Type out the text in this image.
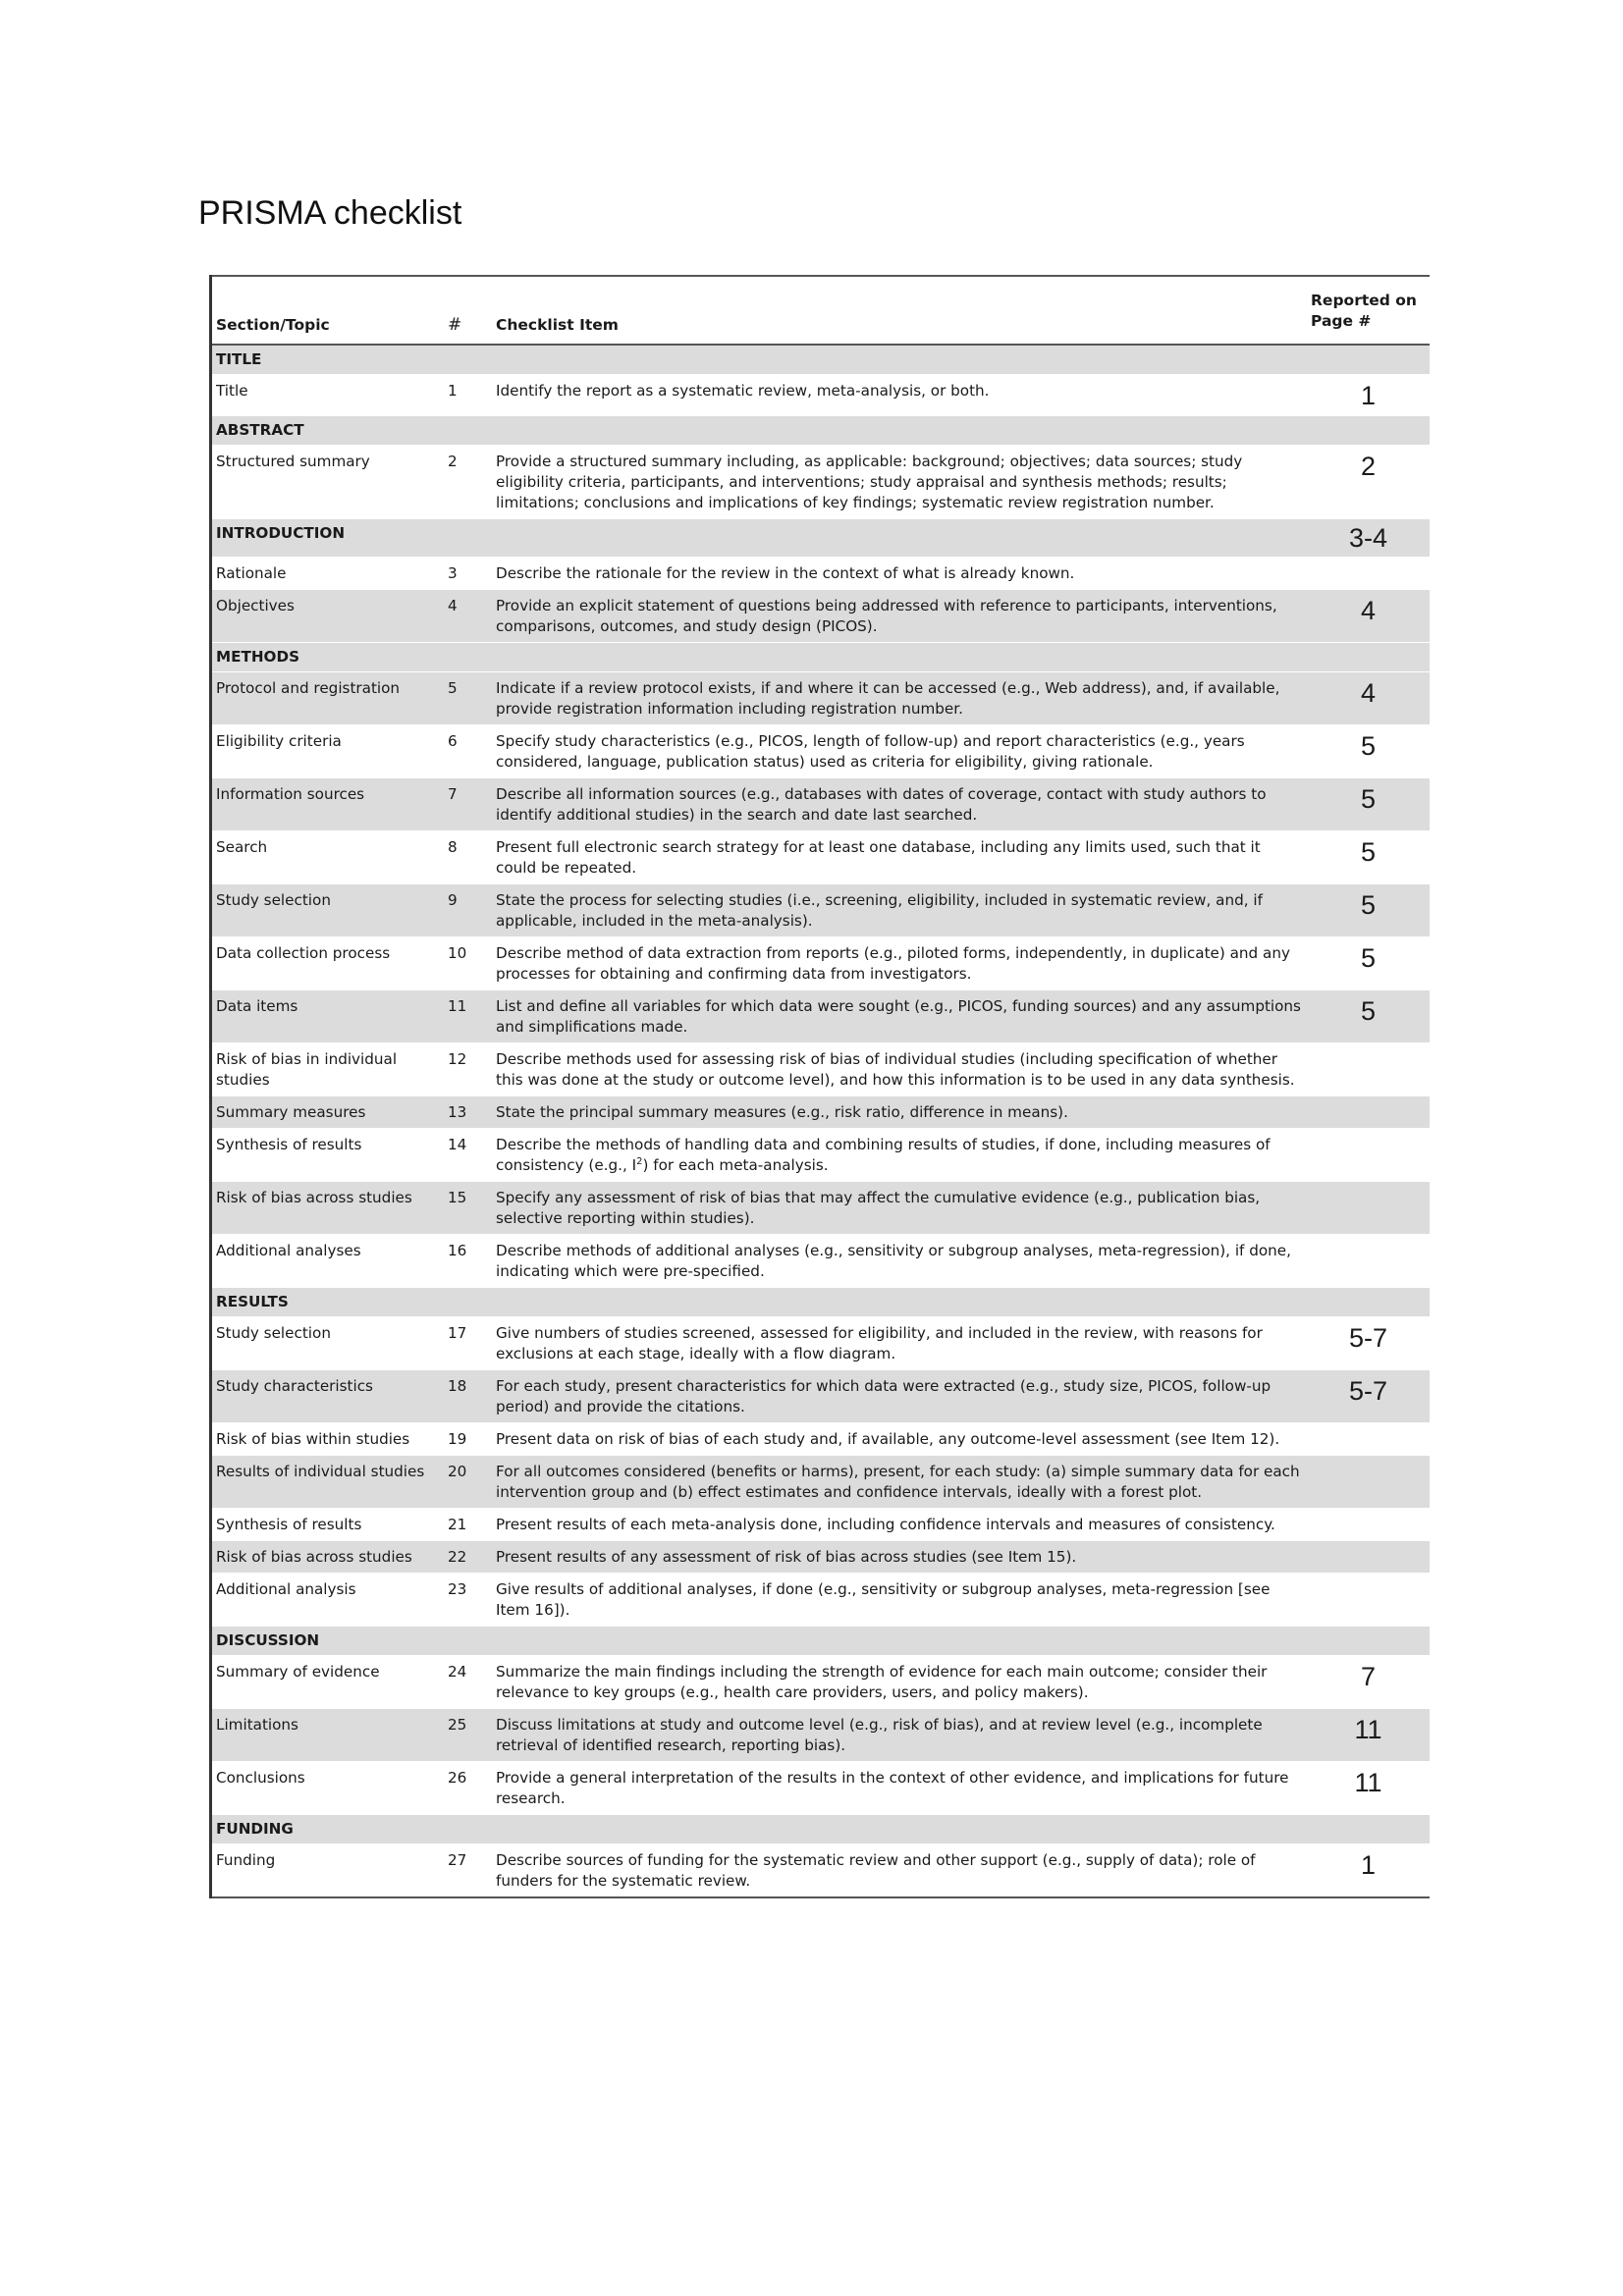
PRISMA checklist
Section/Topic	#	Checklist Item	Reported on
Page #

TITLE			
Title	1	Identify the report as a systematic review, meta-analysis, or both.	1
ABSTRACT			
Structured summary	2	Provide a structured summary including, as applicable: background; objectives; data sources; study eligibility criteria, participants, and interventions; study appraisal and synthesis methods; results; limitations; conclusions and implications of key findings; systematic review registration number.	2
INTRODUCTION			3-4
Rationale	3	Describe the rationale for the review in the context of what is already known.	
Objectives	4	Provide an explicit statement of questions being addressed with reference to participants, interventions, comparisons, outcomes, and study design (PICOS).	4
METHODS			
Protocol and registration	5	Indicate if a review protocol exists, if and where it can be accessed (e.g., Web address), and, if available, provide registration information including registration number.	4
Eligibility criteria	6	Specify study characteristics (e.g., PICOS, length of follow-up) and report characteristics (e.g., years considered, language, publication status) used as criteria for eligibility, giving rationale.	5
Information sources	7	Describe all information sources (e.g., databases with dates of coverage, contact with study authors to identify additional studies) in the search and date last searched.	5
Search	8	Present full electronic search strategy for at least one database, including any limits used, such that it could be repeated.	5
Study selection	9	State the process for selecting studies (i.e., screening, eligibility, included in systematic review, and, if applicable, included in the meta-analysis).	5
Data collection process	10	Describe method of data extraction from reports (e.g., piloted forms, independently, in duplicate) and any processes for obtaining and confirming data from investigators.	5
Data items	11	List and define all variables for which data were sought (e.g., PICOS, funding sources) and any assumptions and simplifications made.	5
Risk of bias in individual studies	12	Describe methods used for assessing risk of bias of individual studies (including specification of whether this was done at the study or outcome level), and how this information is to be used in any data synthesis.	
Summary measures	13	State the principal summary measures (e.g., risk ratio, difference in means).	
Synthesis of results	14	Describe the methods of handling data and combining results of studies, if done, including measures of consistency (e.g., $I^2$) for each meta-analysis.	
Risk of bias across studies	15	Specify any assessment of risk of bias that may affect the cumulative evidence (e.g., publication bias, selective reporting within studies).	
Additional analyses	16	Describe methods of additional analyses (e.g., sensitivity or subgroup analyses, meta-regression), if done, indicating which were pre-specified.	
RESULTS			
Study selection	17	Give numbers of studies screened, assessed for eligibility, and included in the review, with reasons for exclusions at each stage, ideally with a flow diagram.	5-7
Study characteristics	18	For each study, present characteristics for which data were extracted (e.g., study size, PICOS, follow-up period) and provide the citations.	5-7
Risk of bias within studies	19	Present data on risk of bias of each study and, if available, any outcome-level assessment (see Item 12).	
Results of individual studies	20	For all outcomes considered (benefits or harms), present, for each study: (a) simple summary data for each intervention group and (b) effect estimates and confidence intervals, ideally with a forest plot.	
Synthesis of results	21	Present results of each meta-analysis done, including confidence intervals and measures of consistency.	
Risk of bias across studies	22	Present results of any assessment of risk of bias across studies (see Item 15).	
Additional analysis	23	Give results of additional analyses, if done (e.g., sensitivity or subgroup analyses, meta-regression [see Item 16]).	
DISCUSSION			
Summary of evidence	24	Summarize the main findings including the strength of evidence for each main outcome; consider their relevance to key groups (e.g., health care providers, users, and policy makers).	7
Limitations	25	Discuss limitations at study and outcome level (e.g., risk of bias), and at review level (e.g., incomplete retrieval of identified research, reporting bias).	11
Conclusions	26	Provide a general interpretation of the results in the context of other evidence, and implications for future research.	11
FUNDING			
Funding	27	Describe sources of funding for the systematic review and other support (e.g., supply of data); role of funders for the systematic review.	1
